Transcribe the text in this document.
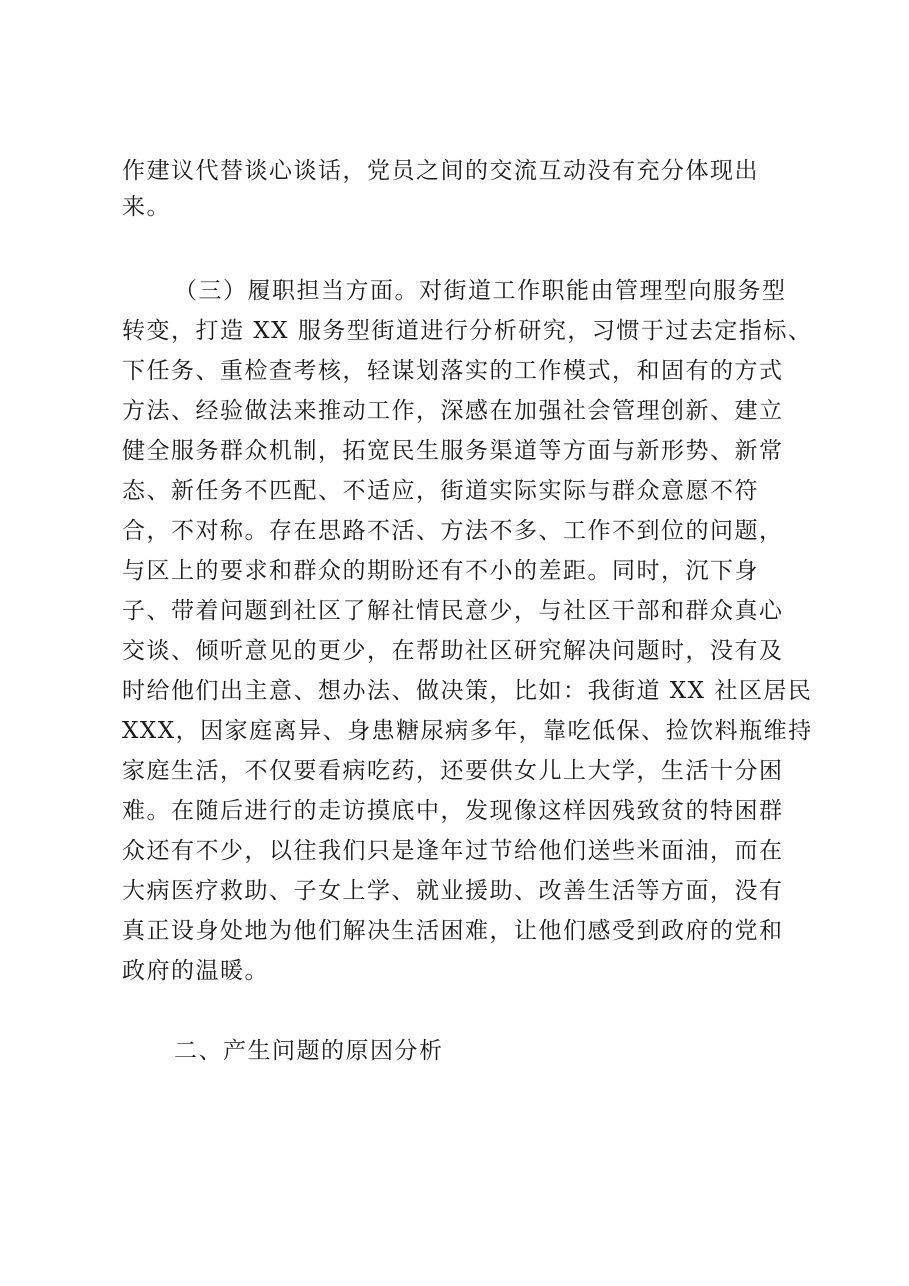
作建议代替谈心谈话，党员之间的交流互动没有充分体现出
来。
（三）履职担当方面。对街道工作职能由管理型向服务型
转变，打造 XX 服务型街道进行分析研究，习惯于过去定指标、
下任务、重检查考核，轻谋划落实的工作模式，和固有的方式
方法、经验做法来推动工作，深感在加强社会管理创新、建立
健全服务群众机制，拓宽民生服务渠道等方面与新形势、新常
态、新任务不匹配、不适应，街道实际实际与群众意愿不符
合，不对称。存在思路不活、方法不多、工作不到位的问题，
与区上的要求和群众的期盼还有不小的差距。同时，沉下身
子、带着问题到社区了解社情民意少，与社区干部和群众真心
交谈、倾听意见的更少，在帮助社区研究解决问题时，没有及
时给他们出主意、想办法、做决策，比如：我街道 XX 社区居民
XXX，因家庭离异、身患糖尿病多年，靠吃低保、捡饮料瓶维持
家庭生活，不仅要看病吃药，还要供女儿上大学，生活十分困
难。在随后进行的走访摸底中，发现像这样因残致贫的特困群
众还有不少，以往我们只是逢年过节给他们送些米面油，而在
大病医疗救助、子女上学、就业援助、改善生活等方面，没有
真正设身处地为他们解决生活困难，让他们感受到政府的党和
政府的温暖。
二、产生问题的原因分析
